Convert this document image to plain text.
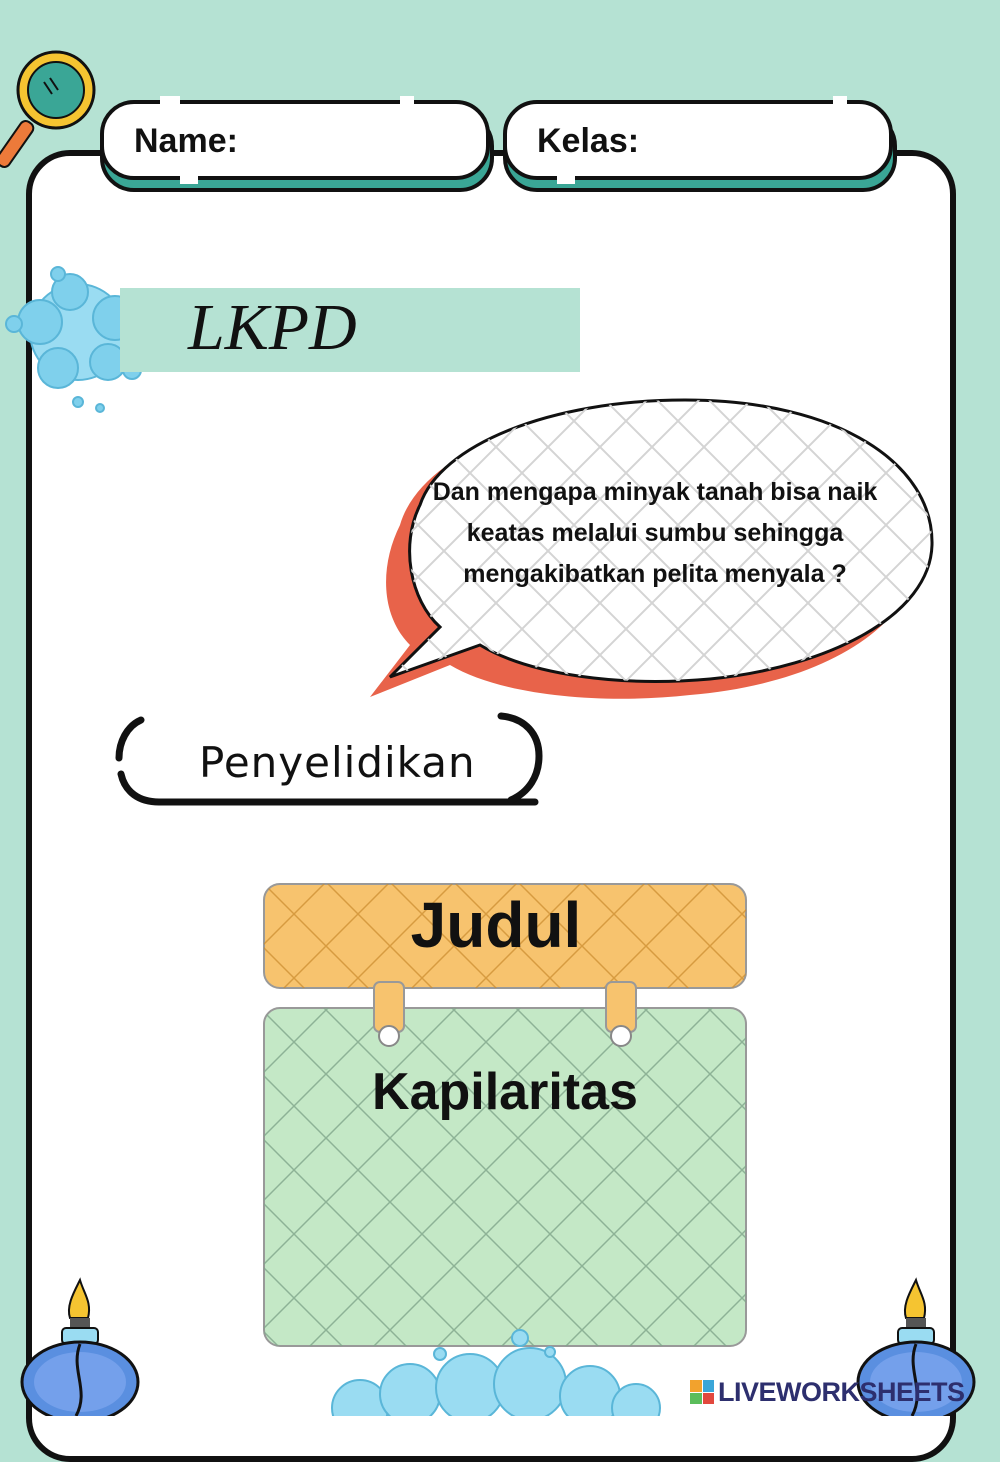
Name:	Kelas:
LKPD
Dan mengapa minyak tanah bisa naik keatas melalui sumbu sehingga mengakibatkan pelita menyala ?
Penyelidikan
Judul
Kapilaritas
LIVEWORKSHEETS
